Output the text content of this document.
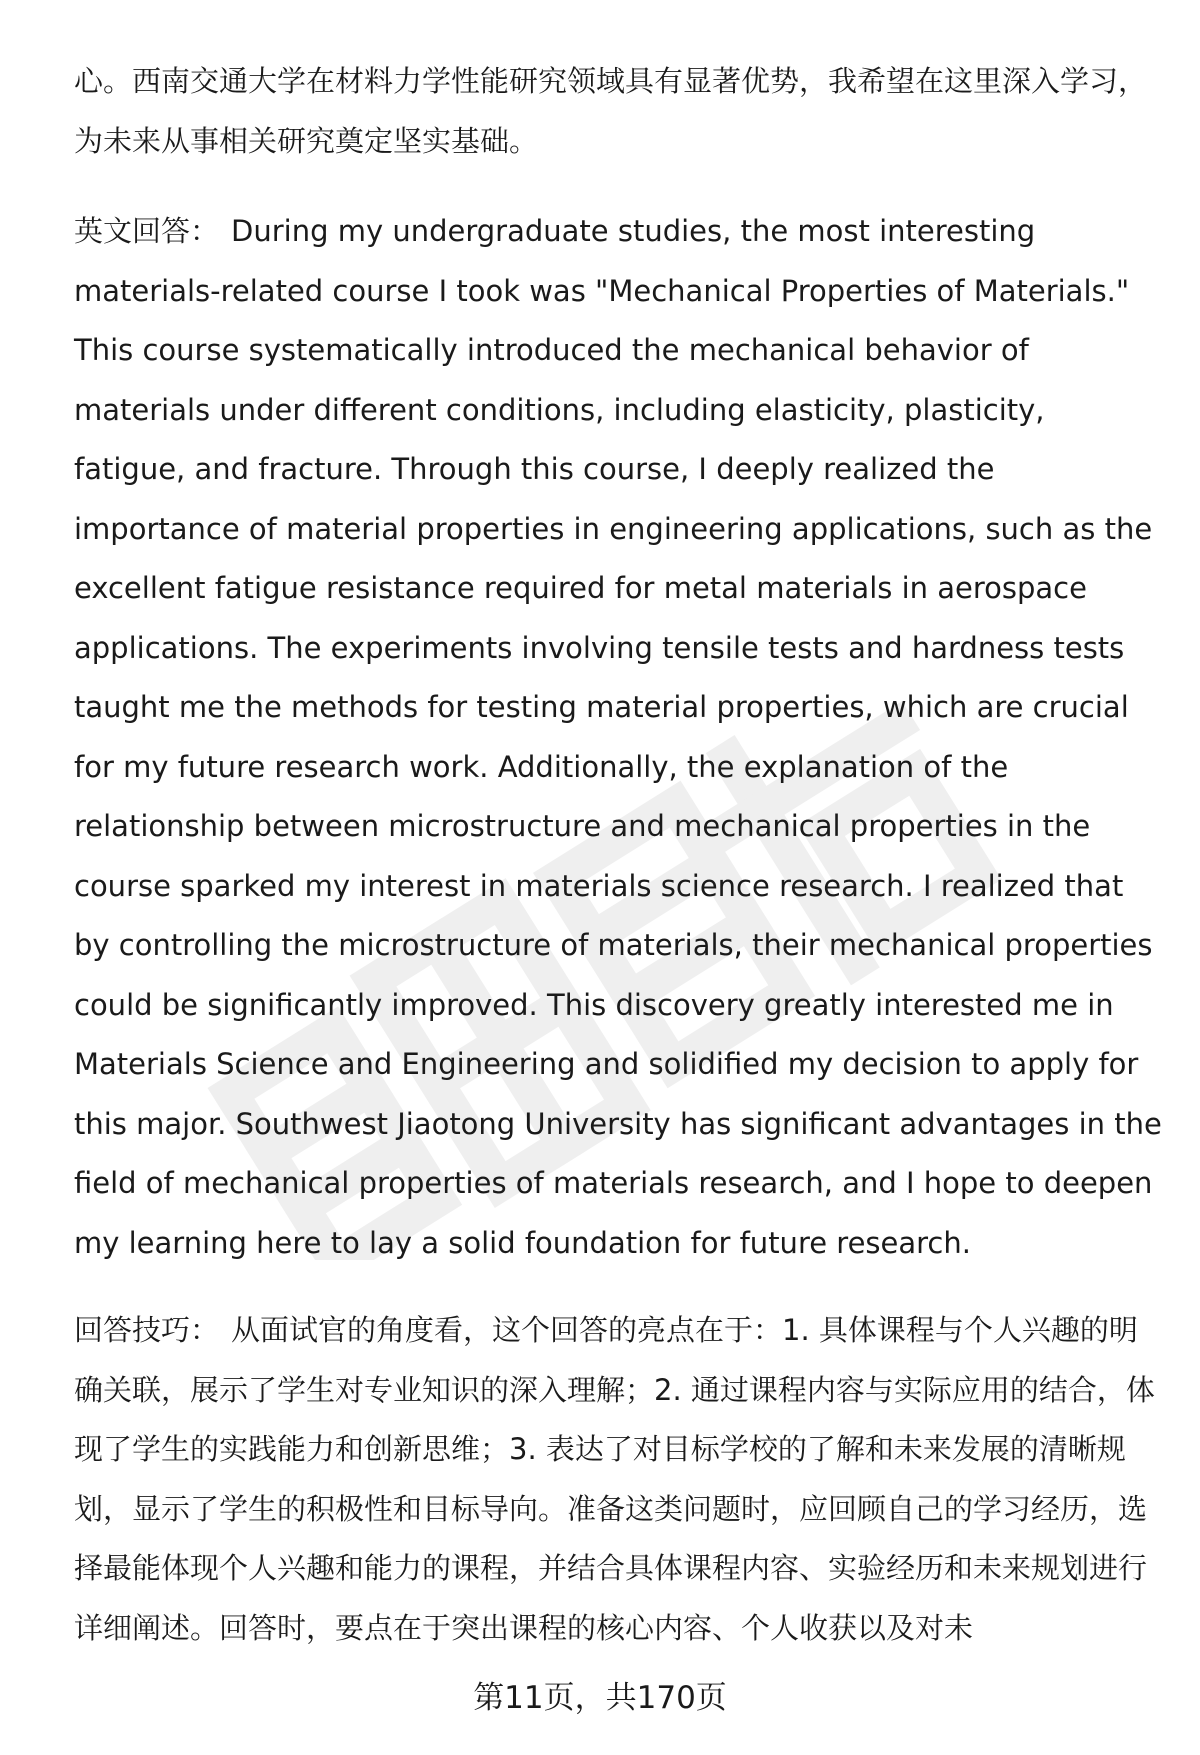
心。西南交通大学在材料力学性能研究领域具有显著优势，我希望在这里深入学习，为未来从事相关研究奠定坚实基础。

英文回答： During my undergraduate studies, the most interesting materials-related course I took was "Mechanical Properties of Materials." This course systematically introduced the mechanical behavior of materials under different conditions, including elasticity, plasticity, fatigue, and fracture. Through this course, I deeply realized the importance of material properties in engineering applications, such as the excellent fatigue resistance required for metal materials in aerospace applications. The experiments involving tensile tests and hardness tests taught me the methods for testing material properties, which are crucial for my future research work. Additionally, the explanation of the relationship between microstructure and mechanical properties in the course sparked my interest in materials science research. I realized that by controlling the microstructure of materials, their mechanical properties could be significantly improved. This discovery greatly interested me in Materials Science and Engineering and solidified my decision to apply for this major. Southwest Jiaotong University has significant advantages in the field of mechanical properties of materials research, and I hope to deepen my learning here to lay a solid foundation for future research.

回答技巧： 从面试官的角度看，这个回答的亮点在于：1. 具体课程与个人兴趣的明确关联，展示了学生对专业知识的深入理解；2. 通过课程内容与实际应用的结合，体现了学生的实践能力和创新思维；3. 表达了对目标学校的了解和未来发展的清晰规划，显示了学生的积极性和目标导向。准备这类问题时，应回顾自己的学习经历，选择最能体现个人兴趣和能力的课程，并结合具体课程内容、实验经历和未来规划进行详细阐述。回答时，要点在于突出课程的核心内容、个人收获以及对未

第11页，共170页
